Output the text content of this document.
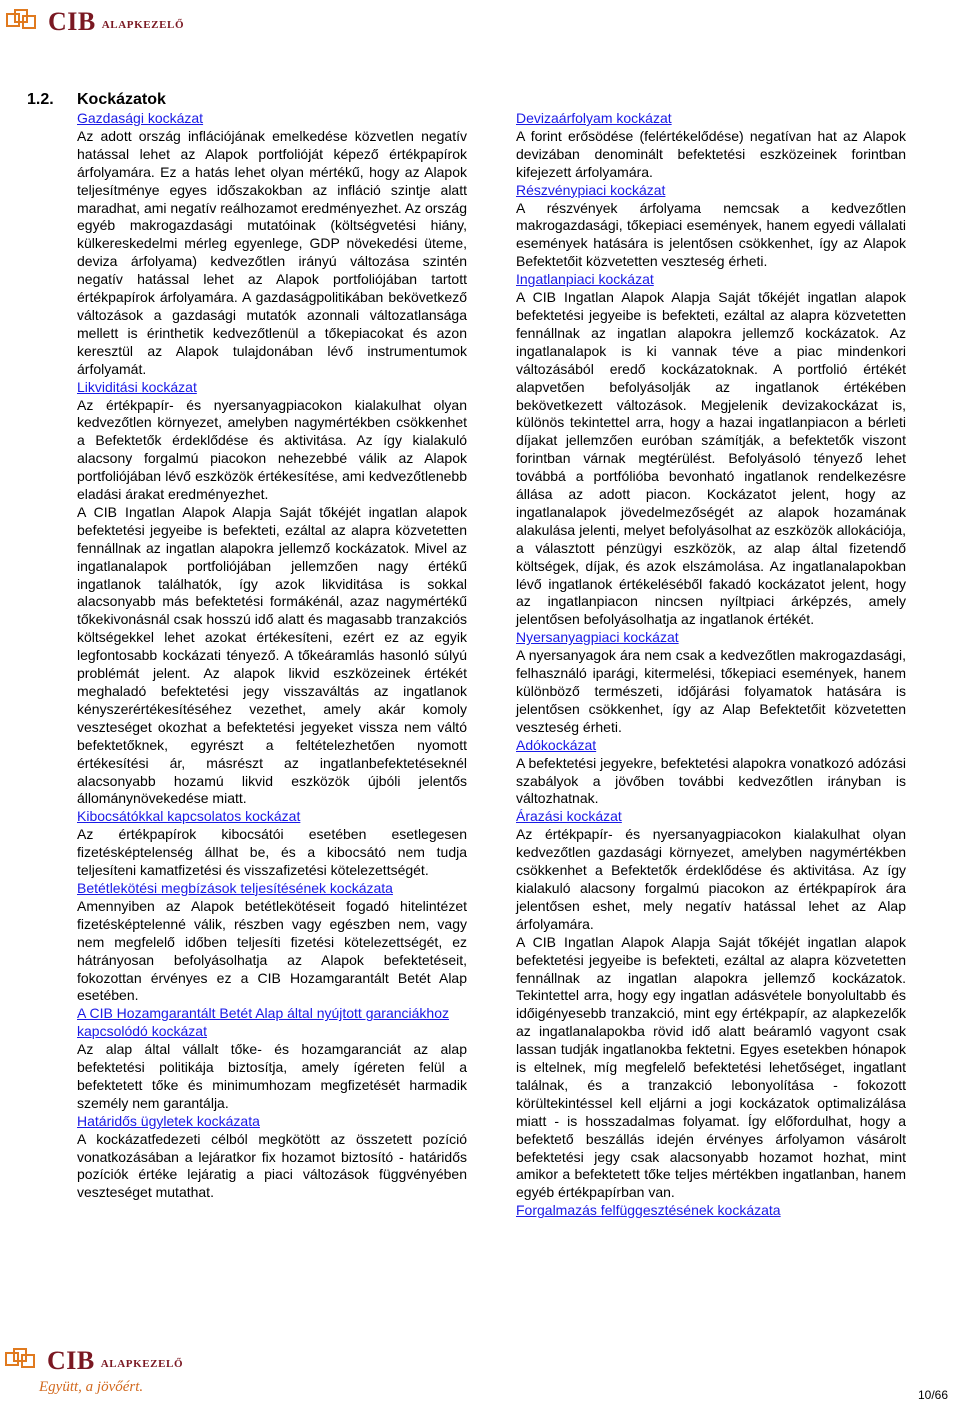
CIB ALAPKEZELŐ
1.2. Kockázatok
Gazdasági kockázat

Az adott ország inflációjának emelkedése közvetlen negatív hatással lehet az Alapok portfolióját képező értékpapírok árfolyamára. Ez a hatás lehet olyan mértékű, hogy az Alapok teljesítménye egyes időszakokban az infláció szintje alatt maradhat, ami negatív reálhozamot eredményezhet. Az ország egyéb makrogazdasági mutatóinak (költségvetési hiány, külkereskedelmi mérleg egyenlege, GDP növekedési üteme, deviza árfolyama) kedvezőtlen irányú változása szintén negatív hatással lehet az Alapok portfoliójában tartott értékpapírok árfolyamára. A gazdaságpolitikában bekövetkező változások a gazdasági mutatók azonnali változatlansága mellett is érinthetik kedvezőtlenül a tőkepiacokat és azon keresztül az Alapok tulajdonában lévő instrumentumok árfolyamát.

Likviditási kockázat

Az értékpapír- és nyersanyagpiacokon kialakulhat olyan kedvezőtlen környezet, amelyben nagymértékben csökkenhet a Befektetők érdeklődése és aktivitása. Az így kialakuló alacsony forgalmú piacokon nehezebbé válik az Alapok portfoliójában lévő eszközök értékesítése, ami kedvezőtlenebb eladási árakat eredményezhet.

A CIB Ingatlan Alapok Alapja Saját tőkéjét ingatlan alapok befektetési jegyeibe is befekteti, ezáltal az alapra közvetetten fennállnak az ingatlan alapokra jellemző kockázatok. Mivel az ingatlanalapok portfoliójában jellemzően nagy értékű ingatlanok találhatók, így azok likviditása is sokkal alacsonyabb más befektetési formákénál, azaz nagymértékű tőkekivonásnál csak hosszú idő alatt és magasabb tranzakciós költségekkel lehet azokat értékesíteni, ezért ez az egyik legfontosabb kockázati tényező. A tőkeáramlás hasonló súlyú problémát jelent. Az alapok likvid eszközeinek értékét meghaladó befektetési jegy visszaváltás az ingatlanok kényszerértékesítéséhez vezethet, amely akár komoly veszteséget okozhat a befektetési jegyeket vissza nem váltó befektetőknek, egyrészt a feltételezhetően nyomott értékesítési ár, másrészt az ingatlanbefektetéseknél alacsonyabb hozamú likvid eszközök újbóli jelentős állománynövekedése miatt.

Kibocsátókkal kapcsolatos kockázat

Az értékpapírok kibocsátói esetében esetlegesen fizetésképtelenség állhat be, és a kibocsátó nem tudja teljesíteni kamatfizetési és visszafizetési kötelezettségét.

Betétlekötési megbízások teljesítésének kockázata

Amennyiben az Alapok betétlekötéseit fogadó hitelintézet fizetésképtelenné válik, részben vagy egészben nem, vagy nem megfelelő időben teljesíti fizetési kötelezettségét, ez hátrányosan befolyásolhatja az Alapok befektetéseit, fokozottan érvényes ez a CIB Hozamgarantált Betét Alap esetében.

A CIB Hozamgarantált Betét Alap által nyújtott garanciákhoz kapcsolódó kockázat

Az alap által vállalt tőke- és hozamgaranciát az alap befektetési politikája biztosítja, amely ígéreten felül a befektetett tőke és minimumhozam megfizetését harmadik személy nem garantálja.

Határidős ügyletek kockázata

A kockázatfedezeti célból megkötött az összetett pozíció vonatkozásában a lejáratkor fix hozamot biztosító - határidős pozíciók értéke lejáratig a piaci változások függvényében veszteséget mutathat.

Devizaárfolyam kockázat

A forint erősödése (felértékelődése) negatívan hat az Alapok devizában denominált befektetési eszközeinek forintban kifejezett árfolyamára.

Részvénypiaci kockázat

A részvények árfolyama nemcsak a kedvezőtlen makrogazdasági, tőkepiaci események, hanem egyedi vállalati események hatására is jelentősen csökkenhet, így az Alapok Befektetőit közvetetten veszteség érheti.

Ingatlanpiaci kockázat

A CIB Ingatlan Alapok Alapja Saját tőkéjét ingatlan alapok befektetési jegyeibe is befekteti, ezáltal az alapra közvetetten fennállnak az ingatlan alapokra jellemző kockázatok. Az ingatlanalapok is ki vannak téve a piac mindenkori változásából eredő kockázatoknak. A portfolió értékét alapvetően befolyásolják az ingatlanok értékében bekövetkezett változások. Megjelenik devizakockázat is, különös tekintettel arra, hogy a hazai ingatlanpiacon a bérleti díjakat jellemzően euróban számítják, a befektetők viszont forintban várnak megtérülést. Befolyásoló tényező lehet továbbá a portfólióba bevonható ingatlanok rendelkezésre állása az adott piacon. Kockázatot jelent, hogy az ingatlanalapok jövedelmezőségét az alapok hozamának alakulása jelenti, melyet befolyásolhat az eszközök allokációja, a választott pénzügyi eszközök, az alap által fizetendő költségek, díjak, és azok elszámolása. Az ingatlanalapokban lévő ingatlanok értékeléséből fakadó kockázatot jelent, hogy az ingatlanpiacon nincsen nyíltpiaci árképzés, amely jelentősen befolyásolhatja az ingatlanok értékét.

Nyersanyagpiaci kockázat

A nyersanyagok ára nem csak a kedvezőtlen makrogazdasági, felhasználó iparági, kitermelési, tőkepiaci események, hanem különböző természeti, időjárási folyamatok hatására is jelentősen csökkenhet, így az Alap Befektetőit közvetetten veszteség érheti.

Adókockázat

A befektetési jegyekre, befektetési alapokra vonatkozó adózási szabályok a jövőben további kedvezőtlen irányban is változhatnak.

Árazási kockázat

Az értékpapír- és nyersanyagpiacokon kialakulhat olyan kedvezőtlen gazdasági környezet, amelyben nagymértékben csökkenhet a Befektetők érdeklődése és aktivitása. Az így kialakuló alacsony forgalmú piacokon az értékpapírok ára jelentősen eshet, mely negatív hatással lehet az Alap árfolyamára.

A CIB Ingatlan Alapok Alapja Saját tőkéjét ingatlan alapok befektetési jegyeibe is befekteti, ezáltal az alapra közvetetten fennállnak az ingatlan alapokra jellemző kockázatok. Tekintettel arra, hogy egy ingatlan adásvétele bonyolultabb és időigényesebb tranzakció, mint egy értékpapír, az alapkezelők az ingatlanalapokba rövid idő alatt beáramló vagyont csak lassan tudják ingatlanokba fektetni. Egyes esetekben hónapok is eltelnek, míg megfelelő befektetési lehetőséget, ingatlant találnak, és a tranzakció lebonyolítása - fokozott körültekintéssel kell eljárni a jogi kockázatok optimalizálása miatt - is hosszadalmas folyamat. Így előfordulhat, hogy a befektető beszállás idején érvényes árfolyamon vásárolt befektetési jegy csak alacsonyabb hozamot hozhat, mint amikor a befektetett tőke teljes mértékben ingatlanban, hanem egyéb értékpapírban van.

Forgalmazás felfüggesztésének kockázata
CIB ALAPKEZELŐ
Együtt, a jövőért.	10/66
